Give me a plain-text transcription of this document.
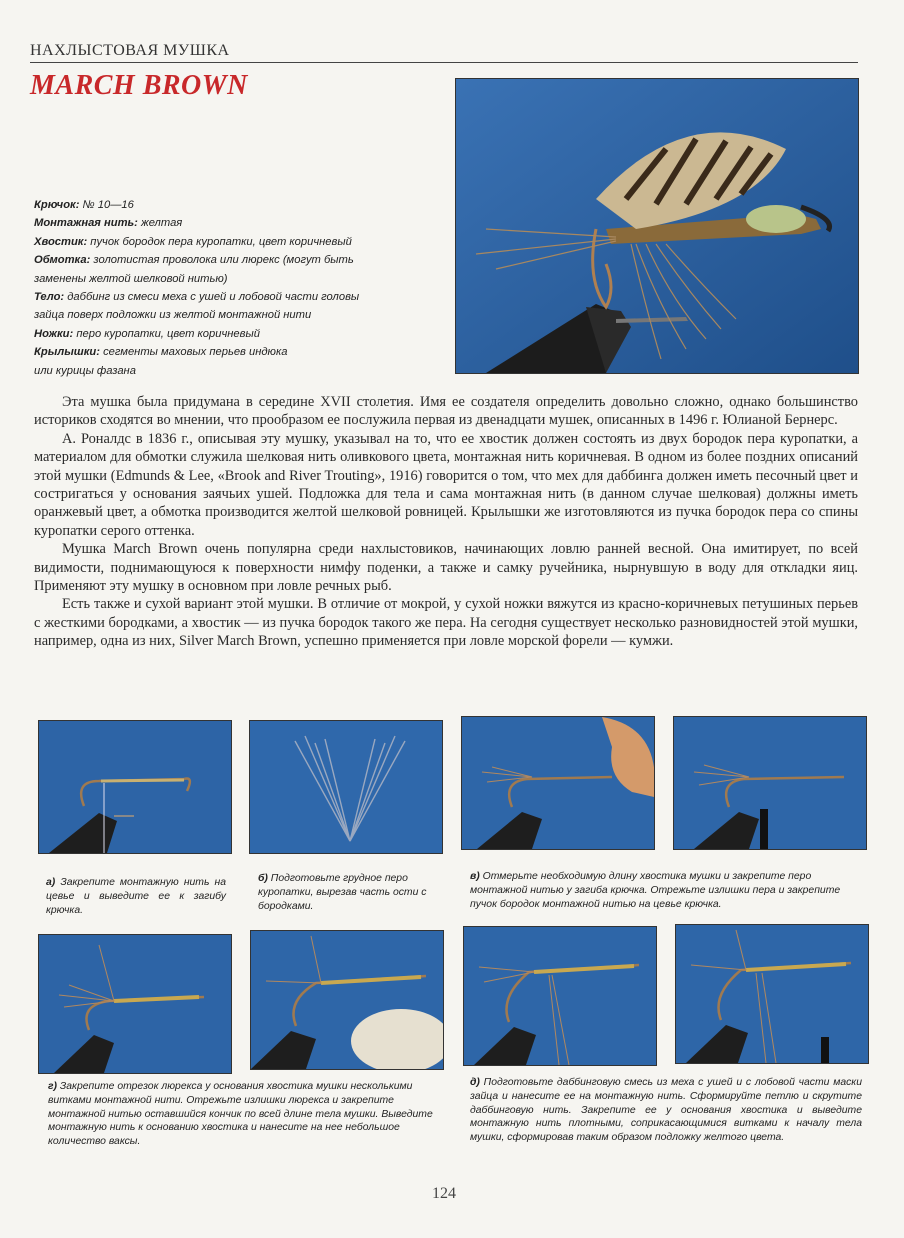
НАХЛЫСТОВАЯ МУШКА
MARCH BROWN
Крючок: № 10—16
Монтажная нить: желтая
Хвостик: пучок бородок пера куропатки, цвет коричневый
Обмотка: золотистая проволока или люрекс (могут быть
заменены желтой шелковой нитью)
Тело: даббинг из смеси меха с ушей и лобовой части головы
зайца поверх подложки из желтой монтажной нити
Ножки: перо куропатки, цвет коричневый
Крылышки: сегменты маховых перьев индюка
или курицы фазана

Эта мушка была придумана в середине XVII столетия. Имя ее создателя определить довольно сложно, однако большинство историков сходятся во мнении, что прообразом ее послужила первая из двенадцати мушек, описанных в 1496 г. Юлианой Бернерс.

А. Роналдс в 1836 г., описывая эту мушку, указывал на то, что ее хвостик должен состоять из двух бородок пера куропатки, а материалом для обмотки служила шелковая нить оливкового цвета, монтажная нить коричневая. В одном из более поздних описаний этой мушки (Edmunds & Lee, «Brook and River Trouting», 1916) говорится о том, что мех для даббинга должен иметь песочный цвет и состригаться у основания заячьих ушей. Подложка для тела и сама монтажная нить (в данном случае шелковая) должны иметь оранжевый цвет, а обмотка производится желтой шелковой ровницей. Крылышки же изготовляются из пучка бородок пера со спины куропатки серого оттенка.

Мушка March Brown очень популярна среди нахлыстовиков, начинающих ловлю ранней весной. Она имитирует, по всей видимости, поднимающуюся к поверхности нимфу поденки, а также и самку ручейника, нырнувшую в воду для откладки яиц. Применяют эту мушку в основном при ловле речных рыб.

Есть также и сухой вариант этой мушки. В отличие от мокрой, у сухой ножки вяжутся из красно-коричневых петушиных перьев с жесткими бородками, а хвостик — из пучка бородок такого же пера. На сегодня существует несколько разновидностей этой мушки, например, одна из них, Silver March Brown, успешно применяется при ловле морской форели — кумжи.

а) Закрепите монтажную нить на цевье и выведите ее к загибу крючка.
б) Подготовьте грудное перо куропатки, вырезав часть ости с бородками.
в) Отмерьте необходимую длину хвостика мушки и закрепите перо монтажной нитью у загиба крючка. Отрежьте излишки пера и закрепите пучок бородок монтажной нитью на цевье крючка.
г) Закрепите отрезок люрекса у основания хвостика мушки несколькими витками монтажной нити. Отрежьте излишки люрекса и закрепите монтажной нитью оставшийся кончик по всей длине тела мушки. Выведите монтажную нить к основанию хвостика и нанесите на нее небольшое количество ваксы.
д) Подготовьте даббинговую смесь из меха с ушей и с лобовой части маски зайца и нанесите ее на монтажную нить. Сформируйте петлю и скрутите даббинговую нить. Закрепите ее у основания хвостика и выведите монтажную нить плотными, соприкасающимися витками к началу тела мушки, сформировав таким образом подложку желтого цвета.
124
